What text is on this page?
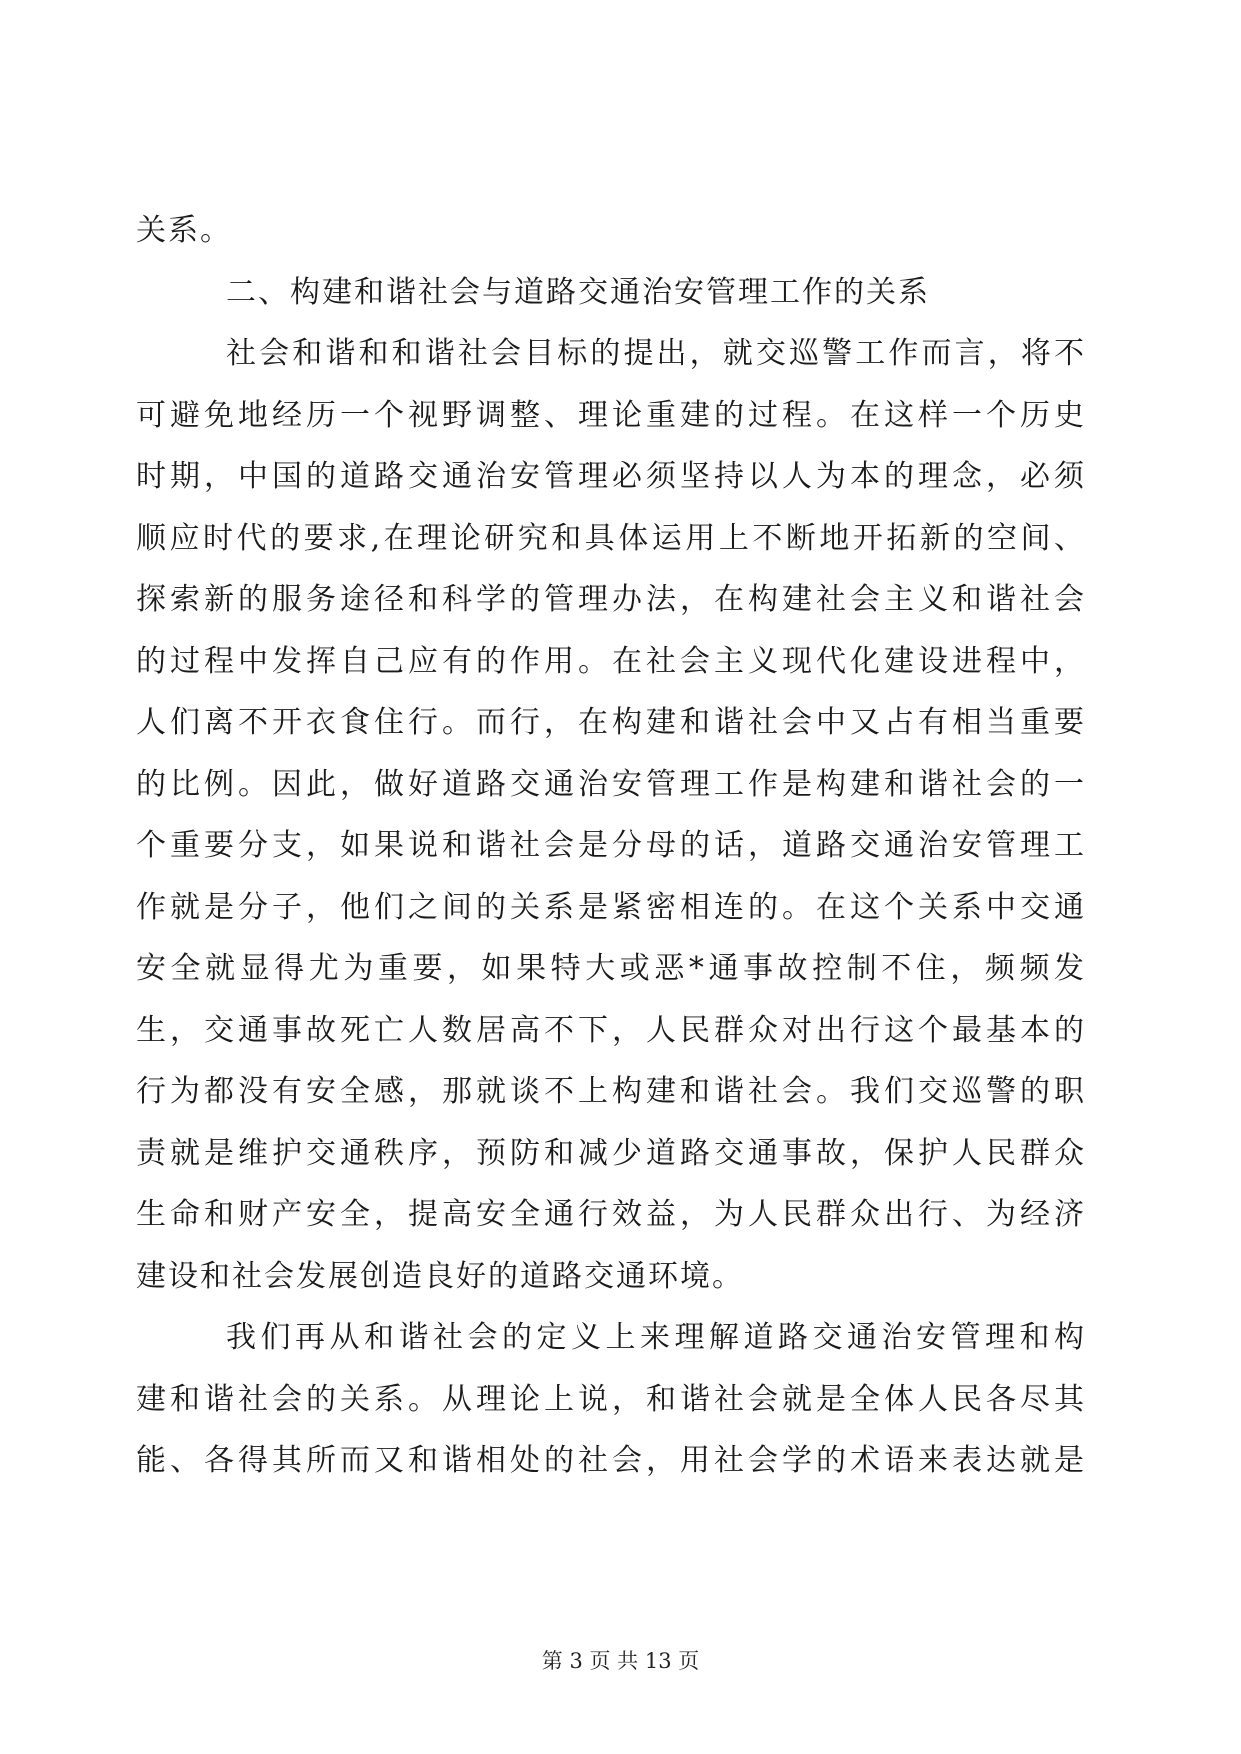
关系。
二、构建和谐社会与道路交通治安管理工作的关系
社会和谐和和谐社会目标的提出，就交巡警工作而言，将不
可避免地经历一个视野调整、理论重建的过程。在这样一个历史
时期，中国的道路交通治安管理必须坚持以人为本的理念，必须
顺应时代的要求,在理论研究和具体运用上不断地开拓新的空间、
探索新的服务途径和科学的管理办法，在构建社会主义和谐社会
的过程中发挥自己应有的作用。在社会主义现代化建设进程中，
人们离不开衣食住行。而行，在构建和谐社会中又占有相当重要
的比例。因此，做好道路交通治安管理工作是构建和谐社会的一
个重要分支，如果说和谐社会是分母的话，道路交通治安管理工
作就是分子，他们之间的关系是紧密相连的。在这个关系中交通
安全就显得尤为重要，如果特大或恶*通事故控制不住，频频发
生，交通事故死亡人数居高不下，人民群众对出行这个最基本的
行为都没有安全感，那就谈不上构建和谐社会。我们交巡警的职
责就是维护交通秩序，预防和减少道路交通事故，保护人民群众
生命和财产安全，提高安全通行效益，为人民群众出行、为经济
建设和社会发展创造良好的道路交通环境。
我们再从和谐社会的定义上来理解道路交通治安管理和构
建和谐社会的关系。从理论上说，和谐社会就是全体人民各尽其
能、各得其所而又和谐相处的社会，用社会学的术语来表达就是
第 3 页 共 13 页
